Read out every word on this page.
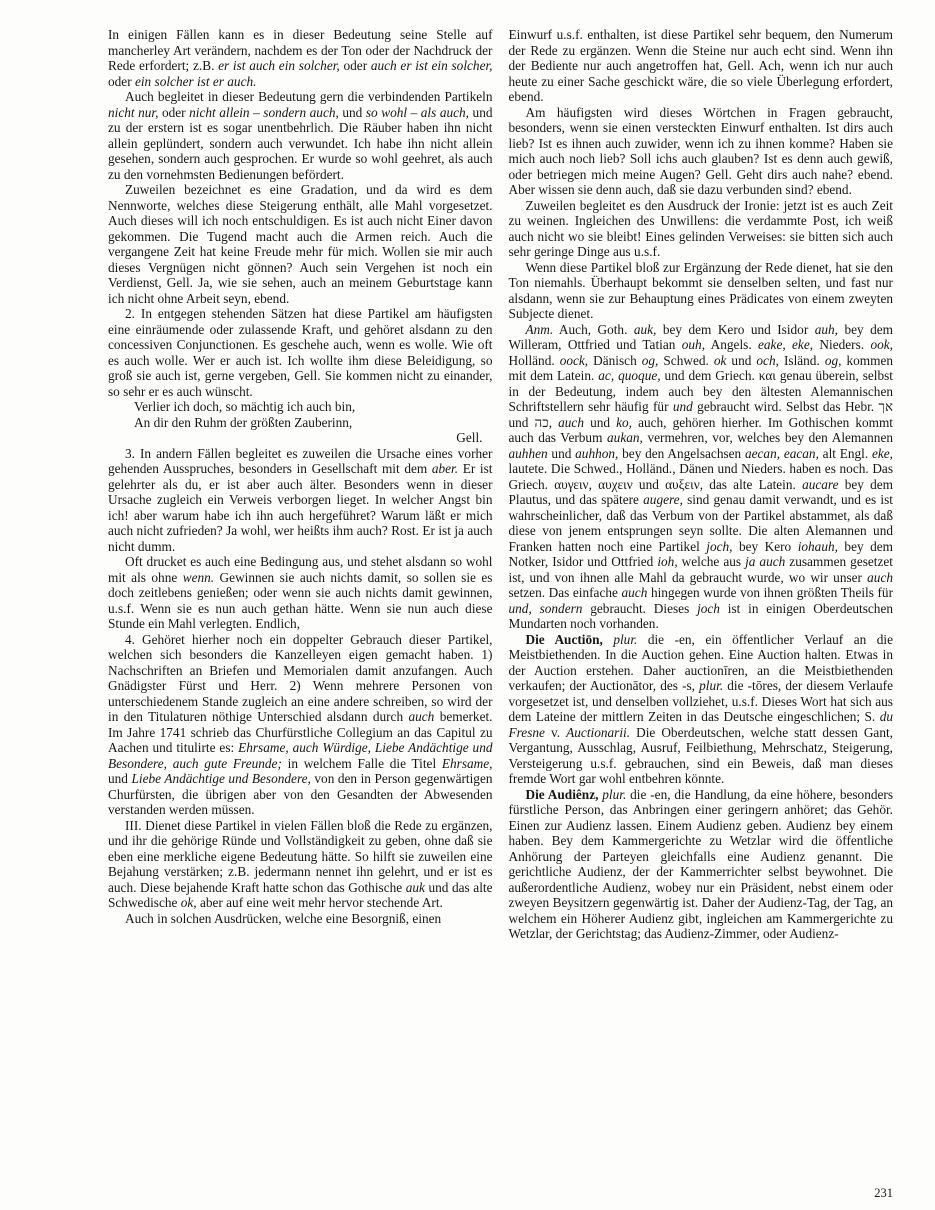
In einigen Fällen kann es in dieser Bedeutung seine Stelle auf mancherley Art verändern, nachdem es der Ton oder der Nachdruck der Rede erfordert; z.B. er ist auch ein solcher, oder auch er ist ein solcher, oder ein solcher ist er auch.

Auch begleitet in dieser Bedeutung gern die verbindenden Partikeln nicht nur, oder nicht allein – sondern auch, und so wohl – als auch, und zu der erstern ist es sogar unentbehrlich. Die Räuber haben ihn nicht allein geplündert, sondern auch verwundet. Ich habe ihn nicht allein gesehen, sondern auch gesprochen. Er wurde so wohl geehret, als auch zu den vornehmsten Bedienungen befördert.

Zuweilen bezeichnet es eine Gradation, und da wird es dem Nennworte, welches diese Steigerung enthält, alle Mahl vorgesetzet. Auch dieses will ich noch entschuldigen. Es ist auch nicht Einer davon gekommen. Die Tugend macht auch die Armen reich. Auch die vergangene Zeit hat keine Freude mehr für mich. Wollen sie mir auch dieses Vergnügen nicht gönnen? Auch sein Vergehen ist noch ein Verdienst, Gell. Ja, wie sie sehen, auch an meinem Geburtstage kann ich nicht ohne Arbeit seyn, ebend.

2. In entgegen stehenden Sätzen hat diese Partikel am häufigsten eine einräumende oder zulassende Kraft, und gehöret alsdann zu den concessiven Conjunctionen. Es geschehe auch, wenn es wolle. Wie oft es auch wolle. Wer er auch ist. Ich wollte ihm diese Beleidigung, so groß sie auch ist, gerne vergeben, Gell. Sie kommen nicht zu einander, so sehr er es auch wünscht.

Verlier ich doch, so mächtig ich auch bin,

An dir den Ruhm der größten Zauberinn,

Gell.

3. In andern Fällen begleitet es zuweilen die Ursache eines vorher gehenden Ausspruches, besonders in Gesellschaft mit dem aber. Er ist gelehrter als du, er ist aber auch älter. Besonders wenn in dieser Ursache zugleich ein Verweis verborgen lieget. In welcher Angst bin ich! aber warum habe ich ihn auch hergeführet? Warum läßt er mich auch nicht zufrieden? Ja wohl, wer heißts ihm auch? Rost. Er ist ja auch nicht dumm.

Oft drucket es auch eine Bedingung aus, und stehet alsdann so wohl mit als ohne wenn. Gewinnen sie auch nichts damit, so sollen sie es doch zeitlebens genießen; oder wenn sie auch nichts damit gewinnen, u.s.f. Wenn sie es nun auch gethan hätte. Wenn sie nun auch diese Stunde ein Mahl verlegten. Endlich,

4. Gehöret hierher noch ein doppelter Gebrauch dieser Partikel, welchen sich besonders die Kanzelleyen eigen gemacht haben. 1) Nachschriften an Briefen und Memorialen damit anzufangen. Auch Gnädigster Fürst und Herr. 2) Wenn mehrere Personen von unterschiedenem Stande zugleich an eine andere schreiben, so wird der in den Titulaturen nöthige Unterschied alsdann durch auch bemerket. Im Jahre 1741 schrieb das Churfürstliche Collegium an das Capitul zu Aachen und titulirte es: Ehrsame, auch Würdige, Liebe Andächtige und Besondere, auch gute Freunde; in welchem Falle die Titel Ehrsame, und Liebe Andächtige und Besondere, von den in Person gegenwärtigen Churfürsten, die übrigen aber von den Gesandten der Abwesenden verstanden werden müssen.

III. Dienet diese Partikel in vielen Fällen bloß die Rede zu ergänzen, und ihr die gehörige Ründe und Vollständigkeit zu geben, ohne daß sie eben eine merkliche eigene Bedeutung hätte. So hilft sie zuweilen eine Bejahung verstärken; z.B. jedermann nennet ihn gelehrt, und er ist es auch. Diese bejahende Kraft hatte schon das Gothische auk und das alte Schwedische ok, aber auf eine weit mehr hervor stechende Art.

Auch in solchen Ausdrücken, welche eine Besorgniß, einen

Einwurf u.s.f. enthalten, ist diese Partikel sehr bequem, den Numerum der Rede zu ergänzen. Wenn die Steine nur auch echt sind. Wenn ihn der Bediente nur auch angetroffen hat, Gell. Ach, wenn ich nur auch heute zu einer Sache geschickt wäre, die so viele Überlegung erfordert, ebend.

Am häufigsten wird dieses Wörtchen in Fragen gebraucht, besonders, wenn sie einen versteckten Einwurf enthalten. Ist dirs auch lieb? Ist es ihnen auch zuwider, wenn ich zu ihnen komme? Haben sie mich auch noch lieb? Soll ichs auch glauben? Ist es denn auch gewiß, oder betriegen mich meine Augen? Gell. Geht dirs auch nahe? ebend. Aber wissen sie denn auch, daß sie dazu verbunden sind? ebend.

Zuweilen begleitet es den Ausdruck der Ironie: jetzt ist es auch Zeit zu weinen. Ingleichen des Unwillens: die verdammte Post, ich weiß auch nicht wo sie bleibt! Eines gelinden Verweises: sie bitten sich auch sehr geringe Dinge aus u.s.f.

Wenn diese Partikel bloß zur Ergänzung der Rede dienet, hat sie den Ton niemahls. Überhaupt bekommt sie denselben selten, und fast nur alsdann, wenn sie zur Behauptung eines Prädicates von einem zweyten Subjecte dienet.

Anm. Auch, Goth. auk, bey dem Kero und Isidor auh, bey dem Willeram, Ottfried und Tatian ouh, Angels. eake, eke, Nieders. ook, Holländ. oock, Dänisch og, Schwed. ok und och, Isländ. og, kommen mit dem Latein. ac, quoque, und dem Griech. και genau überein, selbst in der Bedeutung, indem auch bey den ältesten Alemannischen Schriftstellern sehr häufig für und gebraucht wird. Selbst das Hebr. אך und כה, auch und ko, auch, gehören hierher. Im Gothischen kommt auch das Verbum aukan, vermehren, vor, welches bey den Alemannen auhhen und auhhon, bey den Angelsachsen aecan, eacan, alt Engl. eke, lautete. Die Schwed., Holländ., Dänen und Nieders. haben es noch. Das Griech. αυγειν, αυχειν und αυξειν, das alte Latein. aucare bey dem Plautus, und das spätere augere, sind genau damit verwandt, und es ist wahrscheinlicher, daß das Verbum von der Partikel abstammet, als daß diese von jenem entsprungen seyn sollte. Die alten Alemannen und Franken hatten noch eine Partikel joch, bey Kero iohauh, bey dem Notker, Isidor und Ottfried ioh, welche aus ja auch zusammen gesetzet ist, und von ihnen alle Mahl da gebraucht wurde, wo wir unser auch setzen. Das einfache auch hingegen wurde von ihnen größten Theils für und, sondern gebraucht. Dieses joch ist in einigen Oberdeutschen Mundarten noch vorhanden.

Die Auctiōn, plur. die -en, ein öffentlicher Verlauf an die Meistbiethenden. In die Auction gehen. Eine Auction halten. Etwas in der Auction erstehen. Daher auctionīren, an die Meistbiethenden verkaufen; der Auctionātor, des -s, plur. die -tōres, der diesem Verlaufe vorgesetzet ist, und denselben vollziehet, u.s.f. Dieses Wort hat sich aus dem Lateine der mittlern Zeiten in das Deutsche eingeschlichen; S. du Fresne v. Auctionarii. Die Oberdeutschen, welche statt dessen Gant, Vergantung, Ausschlag, Ausruf, Feilbiethung, Mehrschatz, Steigerung, Versteigerung u.s.f. gebrauchen, sind ein Beweis, daß man dieses fremde Wort gar wohl entbehren könnte.

Die Audiênz, plur. die -en, die Handlung, da eine höhere, besonders fürstliche Person, das Anbringen einer geringern anhöret; das Gehör. Einen zur Audienz lassen. Einem Audienz geben. Audienz bey einem haben. Bey dem Kammergerichte zu Wetzlar wird die öffentliche Anhörung der Parteyen gleichfalls eine Audienz genannt. Die gerichtliche Audienz, der der Kammerrichter selbst beywohnet. Die außerordentliche Audienz, wobey nur ein Präsident, nebst einem oder zweyen Beysitzern gegenwärtig ist. Daher der Audienz-Tag, der Tag, an welchem ein Höherer Audienz gibt, ingleichen am Kammergerichte zu Wetzlar, der Gerichtstag; das Audienz-Zimmer, oder Audienz-

231
